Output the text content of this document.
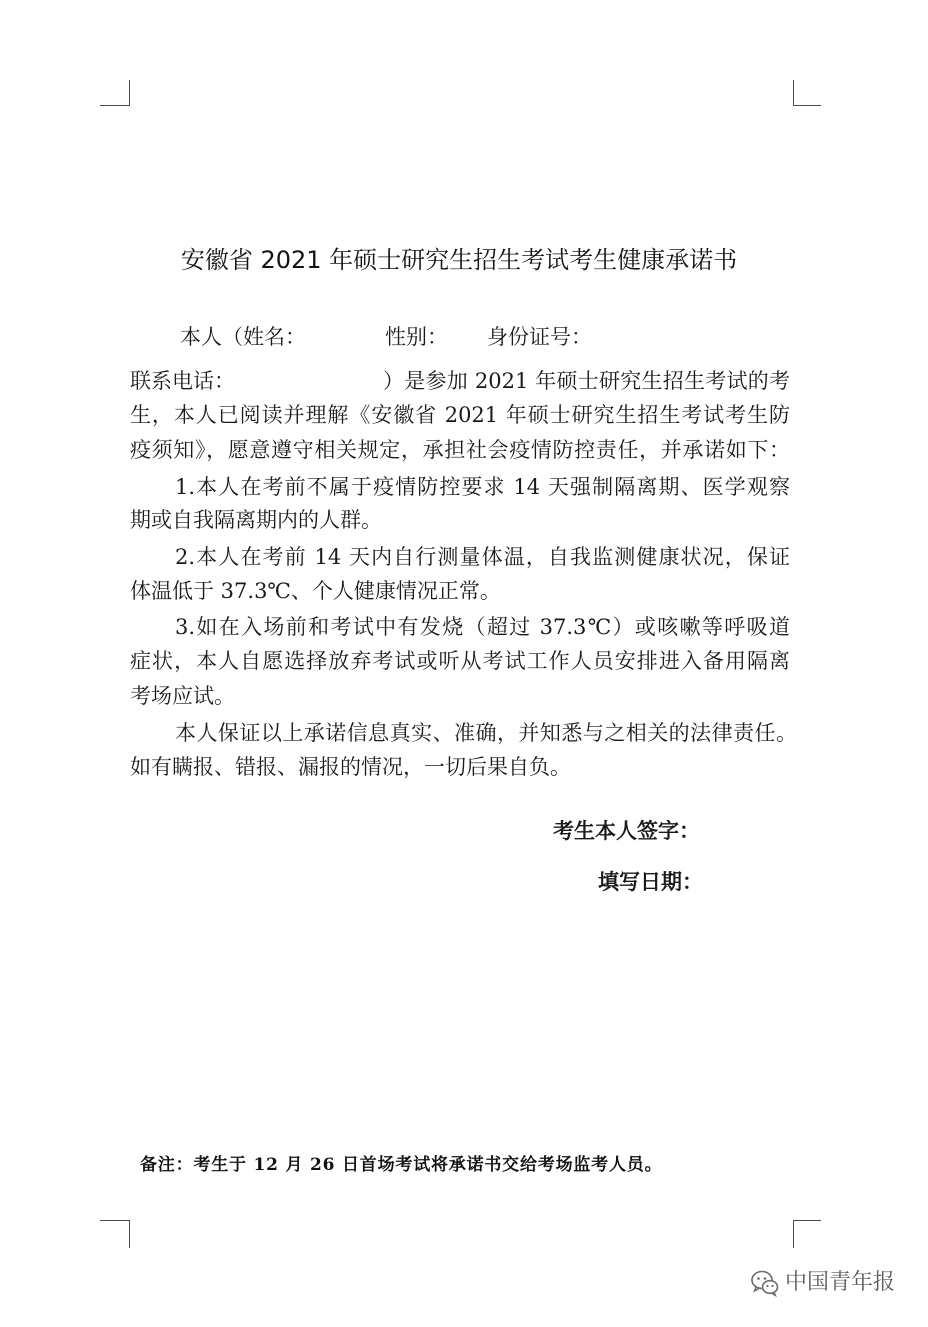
安徽省 2021 年硕士研究生招生考试考生健康承诺书
本人（姓名：	性别： 身份证号：
联系电话：	）是参加 2021 年硕士研究生招生考试的考
生，本人已阅读并理解《安徽省 2021 年硕士研究生招生考试考生防
疫须知》，愿意遵守相关规定，承担社会疫情防控责任，并承诺如下：
1.本人在考前不属于疫情防控要求 14 天强制隔离期、医学观察
期或自我隔离期内的人群。
2.本人在考前 14 天内自行测量体温，自我监测健康状况，保证
体温低于 37.3℃、个人健康情况正常。
3.如在入场前和考试中有发烧（超过 37.3℃）或咳嗽等呼吸道
症状，本人自愿选择放弃考试或听从考试工作人员安排进入备用隔离
考场应试。
本人保证以上承诺信息真实、准确，并知悉与之相关的法律责任。
如有瞒报、错报、漏报的情况，一切后果自负。
考生本人签字：
填写日期：
备注：考生于 12 月 26 日首场考试将承诺书交给考场监考人员。
中国青年报
